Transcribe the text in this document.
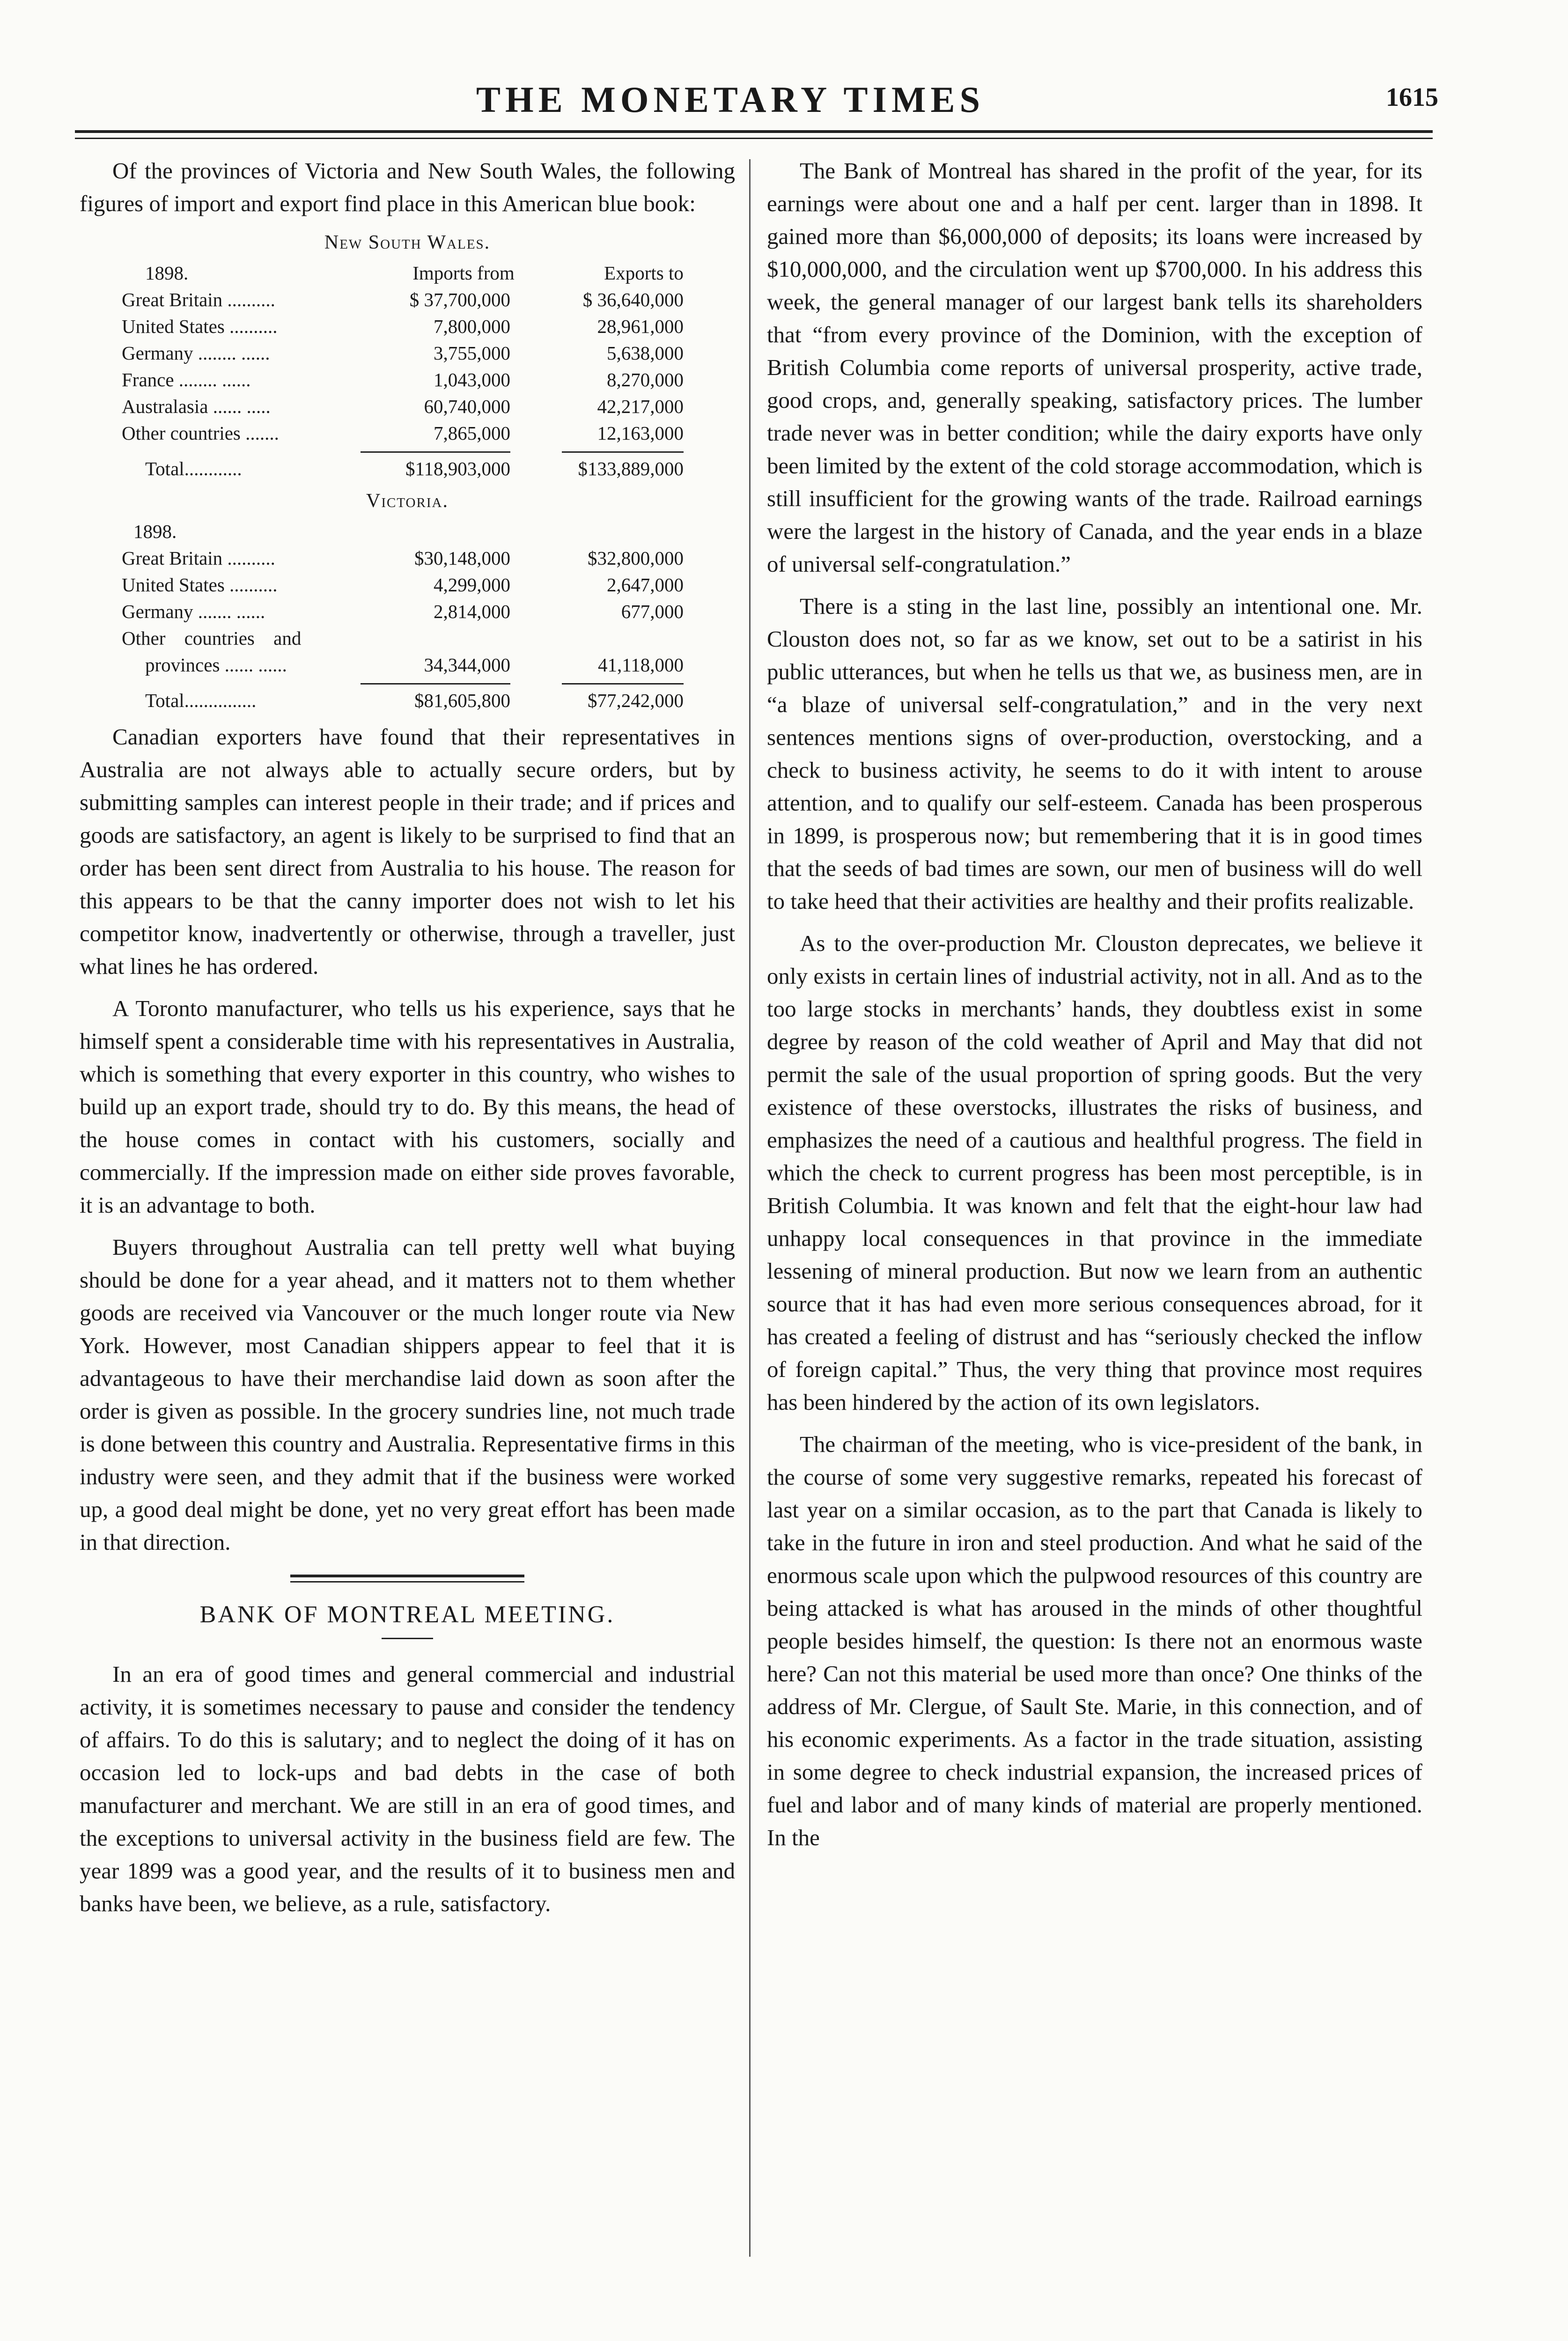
THE MONETARY TIMES	1615

Of the provinces of Victoria and New South Wales, the following figures of import and export find place in this American blue book:

New South Wales.
1898.	Imports from	Exports to
Great Britain ..........	$ 37,700,000	$ 36,640,000
United States ..........	7,800,000	28,961,000
Germany ........ ......	3,755,000	5,638,000
France ........ ......	1,043,000	8,270,000
Australasia ...... .....	60,740,000	42,217,000
Other countries .......	7,865,000	12,163,000
Total............	$118,903,000	$133,889,000
Victoria.
1898.
Great Britain ..........	$30,148,000	$32,800,000
United States ..........	4,299,000	2,647,000
Germany ....... ......	2,814,000	677,000
Other countries and
provinces ...... ......	34,344,000	41,118,000
Total...............	$81,605,800	$77,242,000

Canadian exporters have found that their representatives in Australia are not always able to actually secure orders, but by submitting samples can interest people in their trade; and if prices and goods are satisfactory, an agent is likely to be surprised to find that an order has been sent direct from Australia to his house. The reason for this appears to be that the canny importer does not wish to let his competitor know, inadvertently or otherwise, through a traveller, just what lines he has ordered.

A Toronto manufacturer, who tells us his experience, says that he himself spent a considerable time with his representatives in Australia, which is something that every exporter in this country, who wishes to build up an export trade, should try to do. By this means, the head of the house comes in contact with his customers, socially and commercially. If the impression made on either side proves favorable, it is an advantage to both.

Buyers throughout Australia can tell pretty well what buying should be done for a year ahead, and it matters not to them whether goods are received via Vancouver or the much longer route via New York. However, most Canadian shippers appear to feel that it is advantageous to have their merchandise laid down as soon after the order is given as possible. In the grocery sundries line, not much trade is done between this country and Australia. Representative firms in this industry were seen, and they admit that if the business were worked up, a good deal might be done, yet no very great effort has been made in that direction.

BANK OF MONTREAL MEETING.

In an era of good times and general commercial and industrial activity, it is sometimes necessary to pause and consider the tendency of affairs. To do this is salutary; and to neglect the doing of it has on occasion led to lock-ups and bad debts in the case of both manufacturer and merchant. We are still in an era of good times, and the exceptions to universal activity in the business field are few. The year 1899 was a good year, and the results of it to business men and banks have been, we believe, as a rule, satisfactory.

The Bank of Montreal has shared in the profit of the year, for its earnings were about one and a half per cent. larger than in 1898. It gained more than $6,000,000 of deposits; its loans were increased by $10,000,000, and the circulation went up $700,000. In his address this week, the general manager of our largest bank tells its shareholders that “from every province of the Dominion, with the exception of British Columbia come reports of universal prosperity, active trade, good crops, and, generally speaking, satisfactory prices. The lumber trade never was in better condition; while the dairy exports have only been limited by the extent of the cold storage accommodation, which is still insufficient for the growing wants of the trade. Railroad earnings were the largest in the history of Canada, and the year ends in a blaze of universal self-congratulation.”

There is a sting in the last line, possibly an intentional one. Mr. Clouston does not, so far as we know, set out to be a satirist in his public utterances, but when he tells us that we, as business men, are in “a blaze of universal self-congratulation,” and in the very next sentences mentions signs of over-production, overstocking, and a check to business activity, he seems to do it with intent to arouse attention, and to qualify our self-esteem. Canada has been prosperous in 1899, is prosperous now; but remembering that it is in good times that the seeds of bad times are sown, our men of business will do well to take heed that their activities are healthy and their profits realizable.

As to the over-production Mr. Clouston deprecates, we believe it only exists in certain lines of industrial activity, not in all. And as to the too large stocks in merchants’ hands, they doubtless exist in some degree by reason of the cold weather of April and May that did not permit the sale of the usual proportion of spring goods. But the very existence of these overstocks, illustrates the risks of business, and emphasizes the need of a cautious and healthful progress. The field in which the check to current progress has been most perceptible, is in British Columbia. It was known and felt that the eight-hour law had unhappy local consequences in that province in the immediate lessening of mineral production. But now we learn from an authentic source that it has had even more serious consequences abroad, for it has created a feeling of distrust and has “seriously checked the inflow of foreign capital.” Thus, the very thing that province most requires has been hindered by the action of its own legislators.

The chairman of the meeting, who is vice-president of the bank, in the course of some very suggestive remarks, repeated his forecast of last year on a similar occasion, as to the part that Canada is likely to take in the future in iron and steel production. And what he said of the enormous scale upon which the pulpwood resources of this country are being attacked is what has aroused in the minds of other thoughtful people besides himself, the question: Is there not an enormous waste here? Can not this material be used more than once? One thinks of the address of Mr. Clergue, of Sault Ste. Marie, in this connection, and of his economic experiments. As a factor in the trade situation, assisting in some degree to check industrial expansion, the increased prices of fuel and labor and of many kinds of material are properly mentioned. In the
